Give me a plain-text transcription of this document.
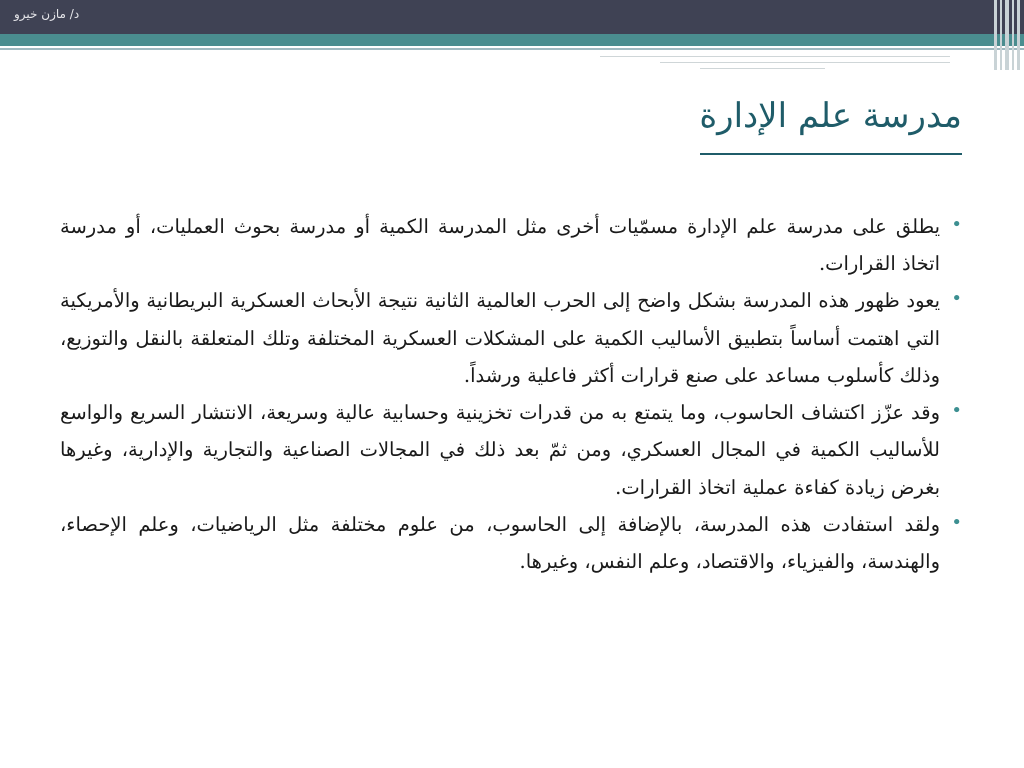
د/ مازن خيرو
مدرسة علم الإدارة
•
يطلق على مدرسة علم الإدارة مسمّيات أخرى مثل المدرسة الكمية أو مدرسة بحوث العمليات، أو مدرسة اتخاذ القرارات.
•
يعود ظهور هذه المدرسة بشكل واضح إلى الحرب العالمية الثانية نتيجة الأبحاث العسكرية البريطانية والأمريكية التي اهتمت أساساً بتطبيق الأساليب الكمية على المشكلات العسكرية المختلفة وتلك المتعلقة بالنقل والتوزيع، وذلك كأسلوب مساعد على صنع قرارات أكثر فاعلية ورشداً.
•
وقد عزّز اكتشاف الحاسوب، وما يتمتع به من قدرات تخزينية وحسابية عالية وسريعة، الانتشار السريع والواسع للأساليب الكمية في المجال العسكري، ومن ثمّ بعد ذلك في المجالات الصناعية والتجارية والإدارية، وغيرها بغرض زيادة كفاءة عملية اتخاذ القرارات.
•
ولقد استفادت هذه المدرسة، بالإضافة إلى الحاسوب، من علوم مختلفة مثل الرياضيات، وعلم الإحصاء، والهندسة، والفيزياء، والاقتصاد، وعلم النفس، وغيرها.
